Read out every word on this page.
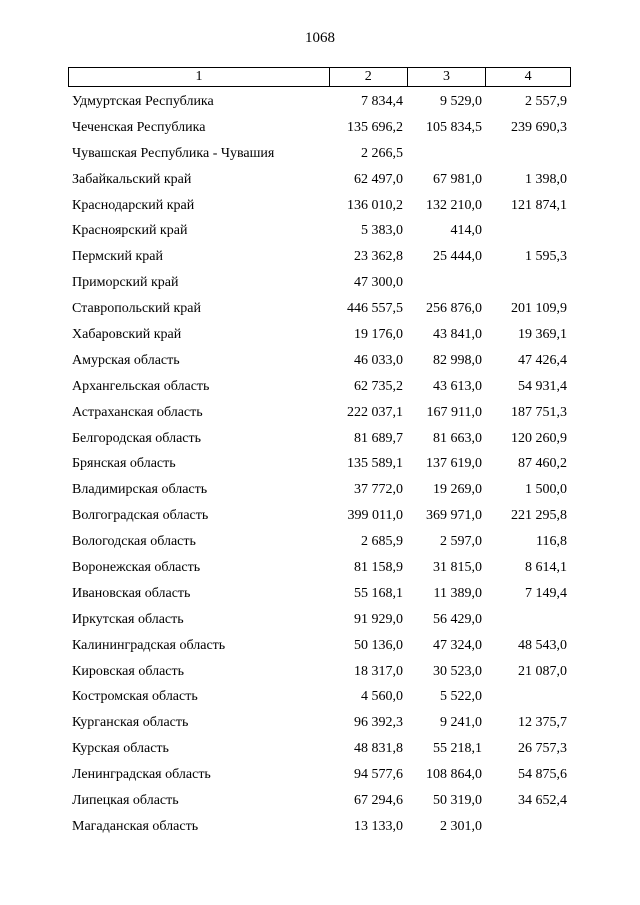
1068
1	2	3	4
Удмуртская Республика	7 834,4	9 529,0	2 557,9
Чеченская Республика	135 696,2	105 834,5	239 690,3
Чувашская Республика - Чувашия	2 266,5
Забайкальский край	62 497,0	67 981,0	1 398,0
Краснодарский край	136 010,2	132 210,0	121 874,1
Красноярский край	5 383,0	414,0
Пермский край	23 362,8	25 444,0	1 595,3
Приморский край	47 300,0
Ставропольский край	446 557,5	256 876,0	201 109,9
Хабаровский край	19 176,0	43 841,0	19 369,1
Амурская область	46 033,0	82 998,0	47 426,4
Архангельская область	62 735,2	43 613,0	54 931,4
Астраханская область	222 037,1	167 911,0	187 751,3
Белгородская область	81 689,7	81 663,0	120 260,9
Брянская область	135 589,1	137 619,0	87 460,2
Владимирская область	37 772,0	19 269,0	1 500,0
Волгоградская область	399 011,0	369 971,0	221 295,8
Вологодская область	2 685,9	2 597,0	116,8
Воронежская область	81 158,9	31 815,0	8 614,1
Ивановская область	55 168,1	11 389,0	7 149,4
Иркутская область	91 929,0	56 429,0
Калининградская область	50 136,0	47 324,0	48 543,0
Кировская область	18 317,0	30 523,0	21 087,0
Костромская область	4 560,0	5 522,0
Курганская область	96 392,3	9 241,0	12 375,7
Курская область	48 831,8	55 218,1	26 757,3
Ленинградская область	94 577,6	108 864,0	54 875,6
Липецкая область	67 294,6	50 319,0	34 652,4
Магаданская область	13 133,0	2 301,0
